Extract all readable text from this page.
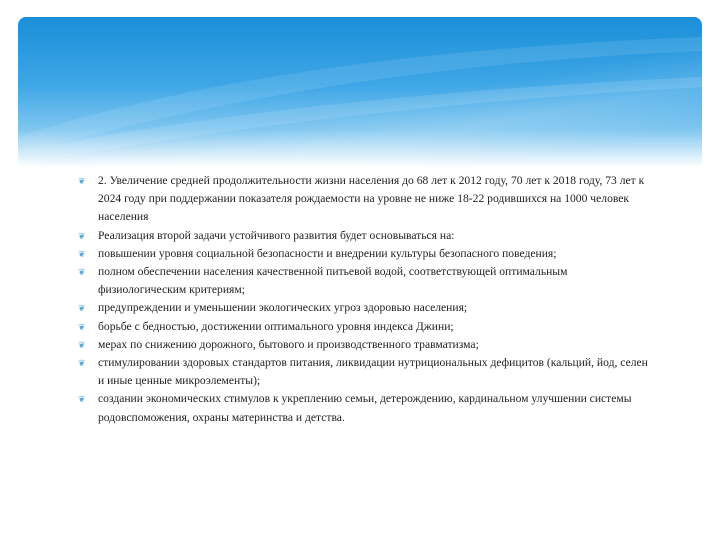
❦ 2. Увеличение средней продолжительности жизни населения до 68 лет к 2012 году, 70 лет к 2018 году, 73 лет к 2024 году при поддержании показателя рождаемости на уровне не ниже 18-22 родившихся на 1000 человек населения
❦ Реализация второй задачи устойчивого развития будет основываться на:
❦ повышении уровня социальной безопасности и внедрении культуры безопасного поведения;
❦ полном обеспечении населения качественной питьевой водой, соответствующей оптимальным физиологическим критериям;
❦ предупреждении и уменьшении экологических угроз здоровью населения;
❦ борьбе с бедностью, достижении оптимального уровня индекса Джини;
❦ мерах по снижению дорожного, бытового и производственного травматизма;
❦ стимулировании здоровых стандартов питания, ликвидации нутрициональных дефицитов (кальций, йод, селен и иные ценные микроэлементы);
❦ создании экономических стимулов к укреплению семьи, детерождению, кардинальном улучшении системы родовспоможения, охраны материнства и детства.
